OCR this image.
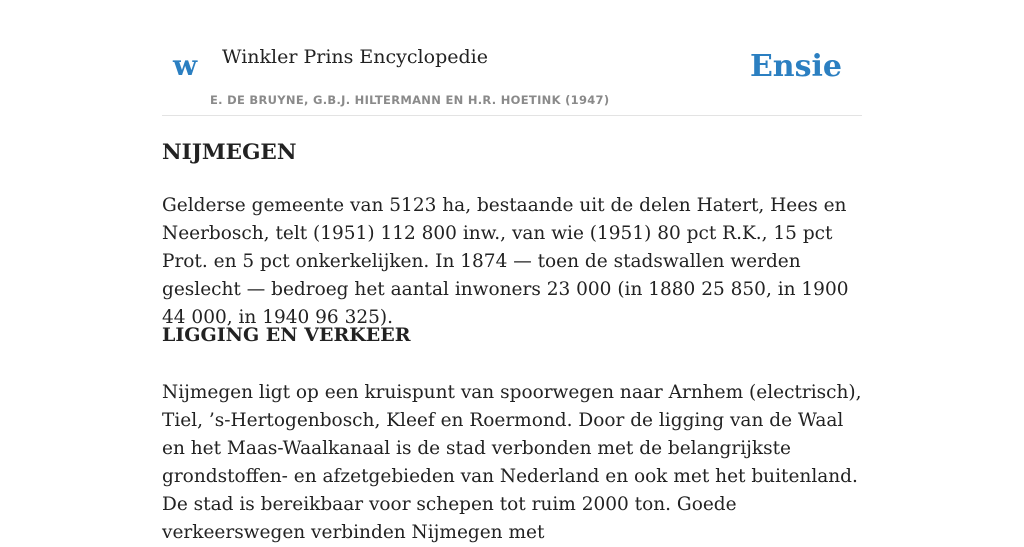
w Winkler Prins Encyclopedie
E. DE BRUYNE, G.B.J. HILTERMANN EN H.R. HOETINK (1947)
Ensie
NIJMEGEN

Gelderse gemeente van 5123 ha, bestaande uit de delen Hatert, Hees en Neerbosch, telt (1951) 112 800 inw., van wie (1951) 80 pct R.K., 15 pct Prot. en 5 pct onkerkelijken. In 1874 — toen de stadswallen werden geslecht — bedroeg het aantal inwoners 23 000 (in 1880 25 850, in 1900 44 000, in 1940 96 325).

LIGGING EN VERKEER

Nijmegen ligt op een kruispunt van spoorwegen naar Arnhem (electrisch), Tiel, ’s-Hertogenbosch, Kleef en Roermond. Door de ligging van de Waal en het Maas-Waalkanaal is de stad verbonden met de belangrijkste grondstoffen- en afzetgebieden van Nederland en ook met het buitenland. De stad is bereikbaar voor schepen tot ruim 2000 ton. Goede verkeerswegen verbinden Nijmegen met
